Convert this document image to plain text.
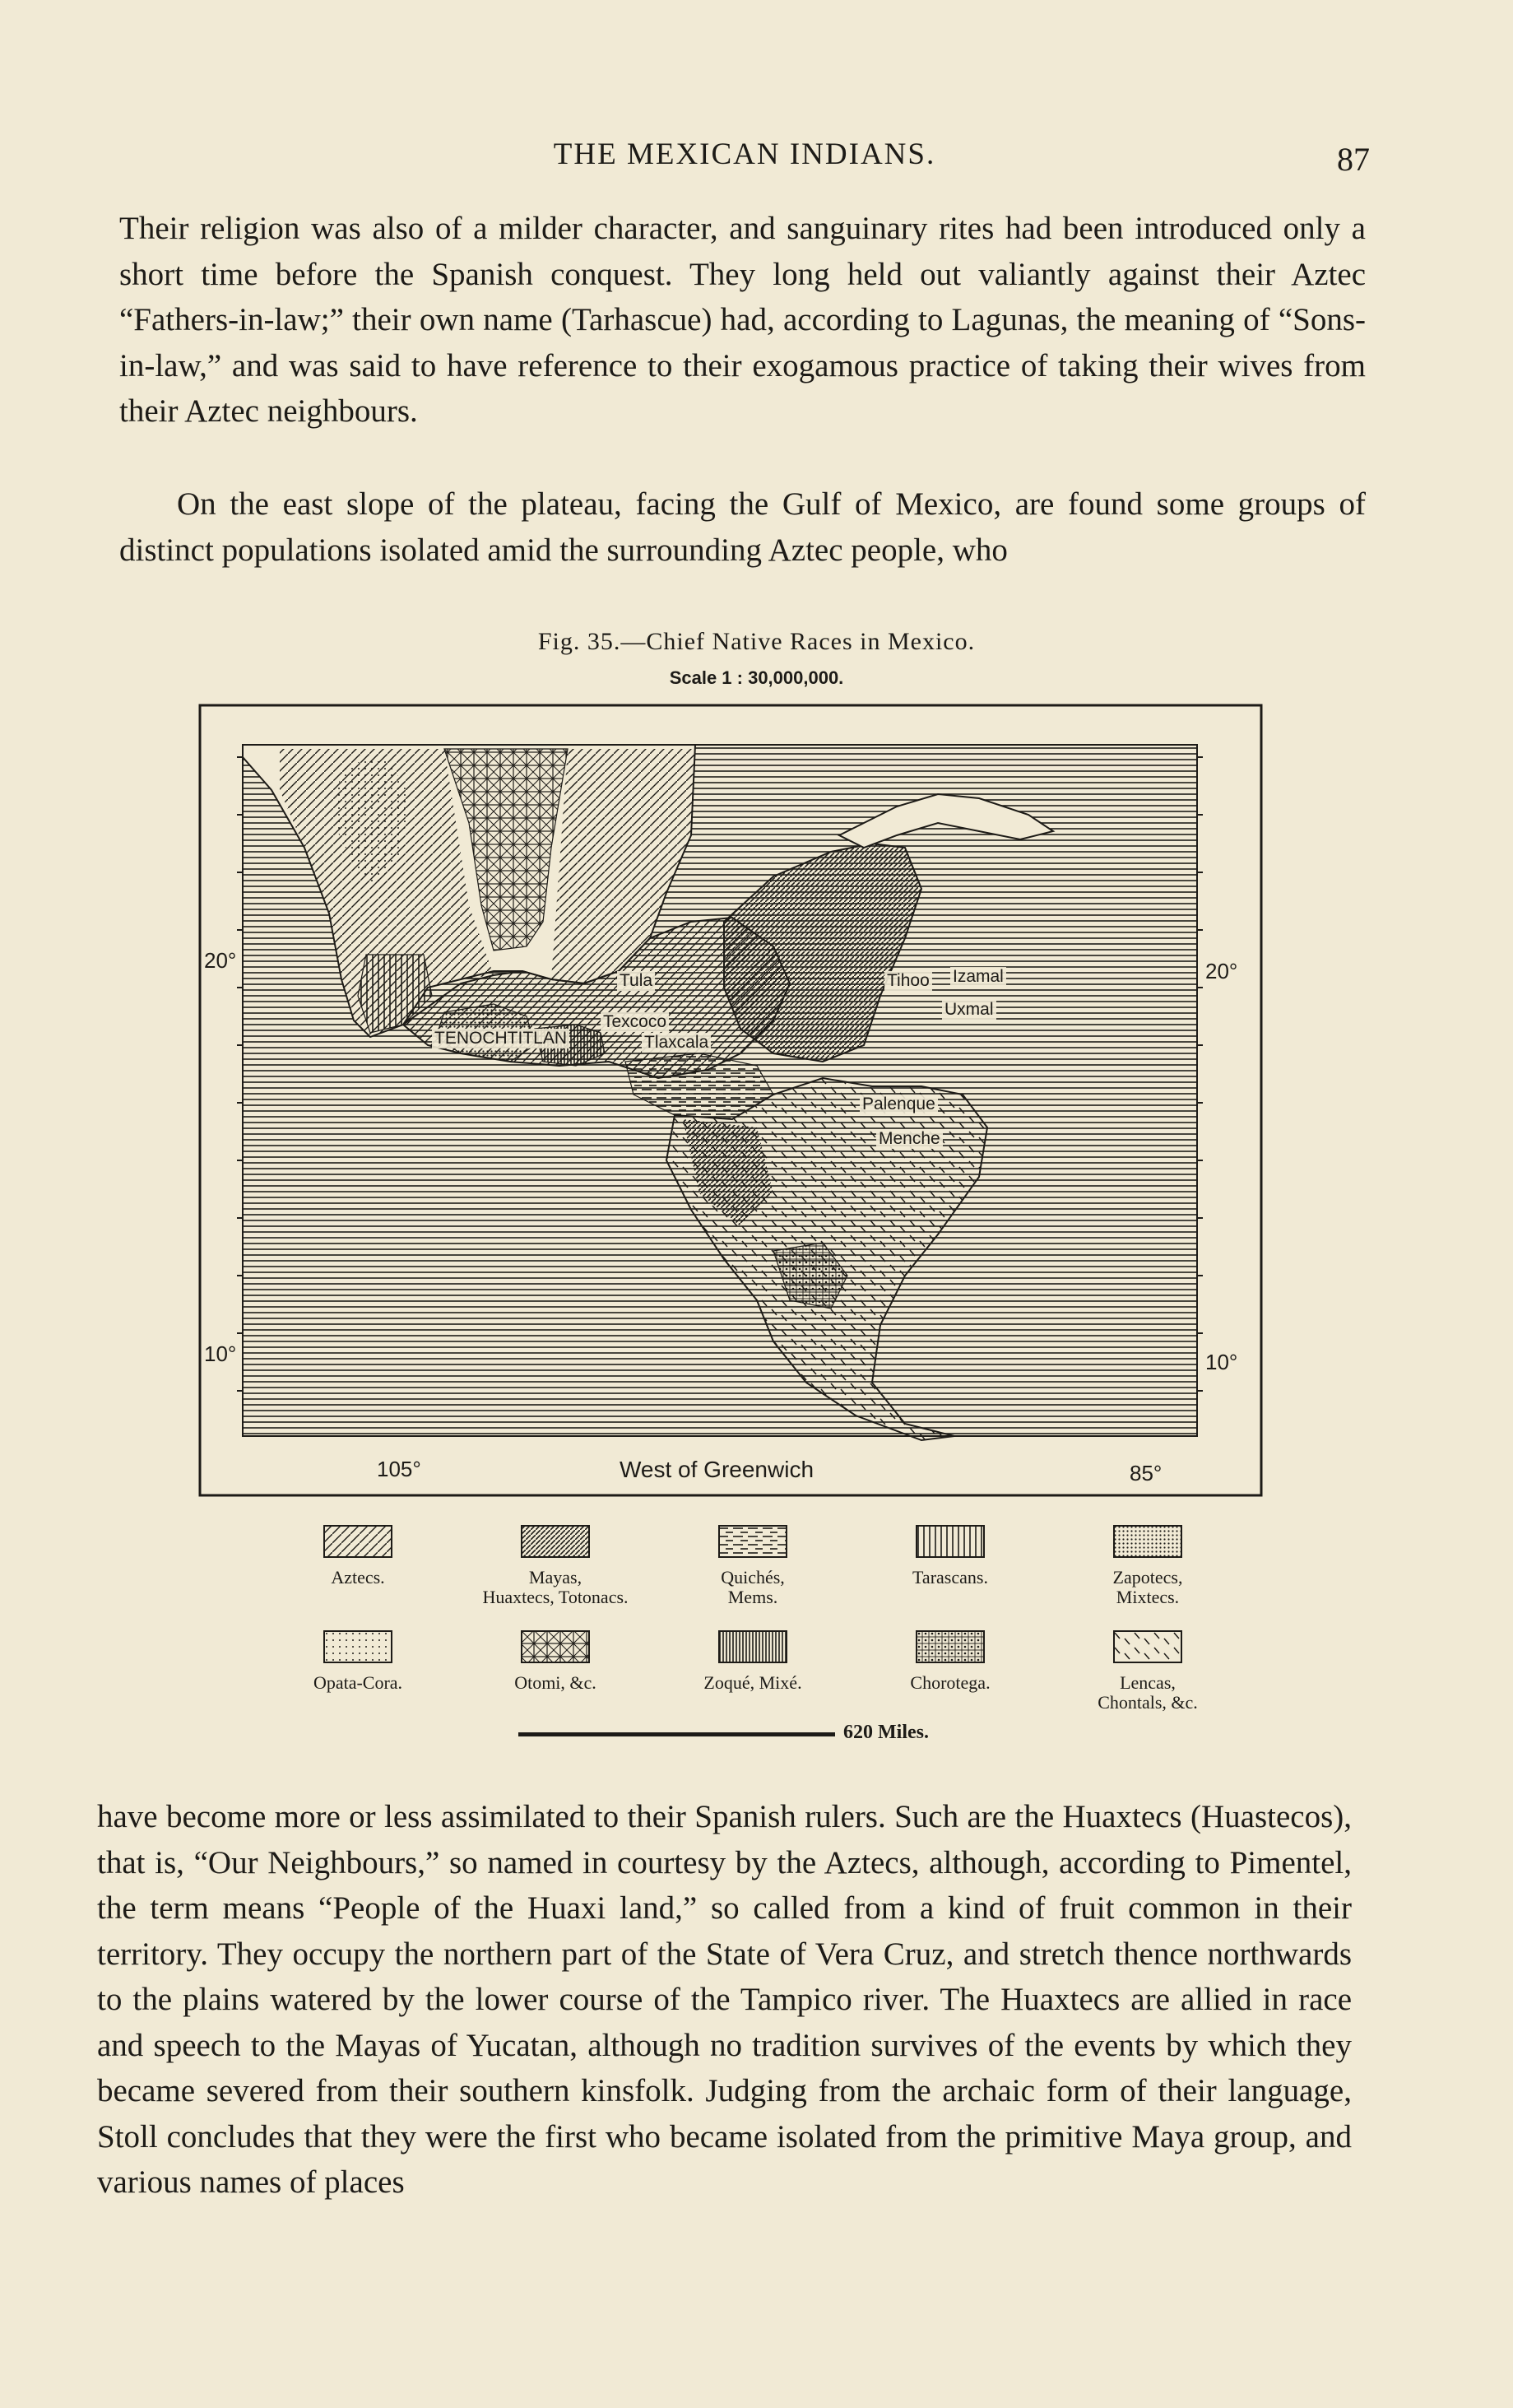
THE MEXICAN INDIANS.	87

Their religion was also of a milder character, and sanguinary rites had been introduced only a short time before the Spanish conquest. They long held out valiantly against their Aztec “Fathers-in-law;” their own name (Tarhascue) had, according to Lagunas, the meaning of “Sons-in-law,” and was said to have reference to their exogamous practice of taking their wives from their Aztec neighbours.

On the east slope of the plateau, facing the Gulf of Mexico, are found some groups of distinct populations isolated amid the surrounding Aztec people, who

Fig. 35.—Chief Native Races in Mexico.
Scale 1 : 30,000,000.
Tula
Texcoco
Tlaxcala
TENOCHTITLAN
Tihoo Izamal
Uxmal
Palenque
Menche
20°	20°
10°	10°
105°	West of Greenwich	85°
Aztecs.	Mayas,
Huaxtecs, Totonacs.
Quichés,
Mems.
Tarascans.	Zapotecs,
Mixtecs.
Opata-Cora.	Otomi, &c.	Zoqué, Mixé.	Chorotega.	Lencas,
Chontals, &c.
620 Miles.

have become more or less assimilated to their Spanish rulers. Such are the Huaxtecs (Huastecos), that is, “Our Neighbours,” so named in courtesy by the Aztecs, although, according to Pimentel, the term means “People of the Huaxi land,” so called from a kind of fruit common in their territory. They occupy the northern part of the State of Vera Cruz, and stretch thence northwards to the plains watered by the lower course of the Tampico river. The Huaxtecs are allied in race and speech to the Mayas of Yucatan, although no tradition survives of the events by which they became severed from their southern kinsfolk. Judging from the archaic form of their language, Stoll concludes that they were the first who became isolated from the primitive Maya group, and various names of places
